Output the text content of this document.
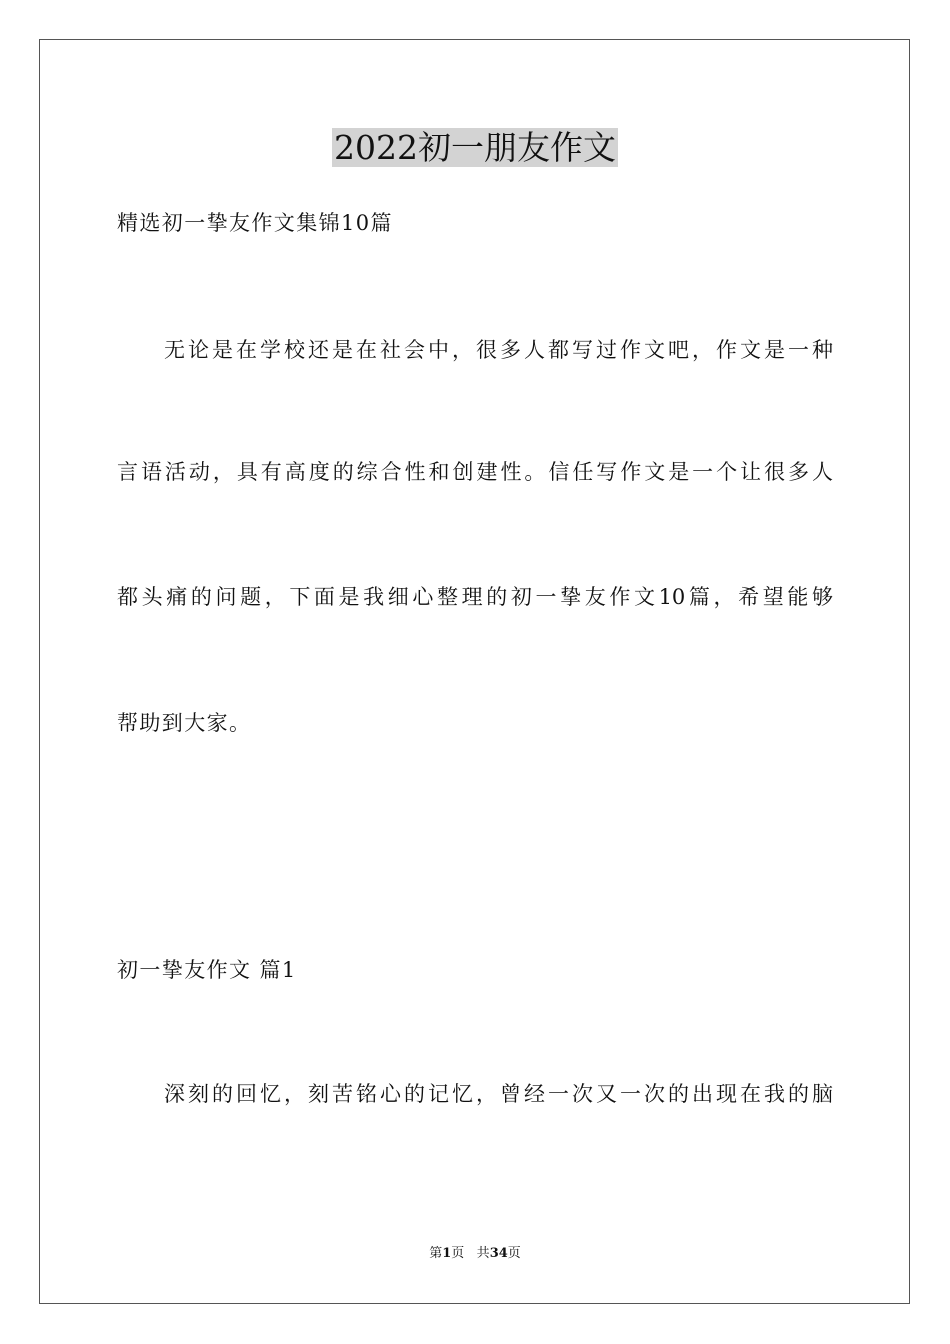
2022初一朋友作文
精选初一挚友作文集锦10篇
无论是在学校还是在社会中，很多人都写过作文吧，作文是一种
言语活动，具有高度的综合性和创建性。信任写作文是一个让很多人
都头痛的问题，下面是我细心整理的初一挚友作文10篇，希望能够
帮助到大家。
初一挚友作文 篇1
深刻的回忆，刻苦铭心的记忆，曾经一次又一次的出现在我的脑
第1页 共34页
